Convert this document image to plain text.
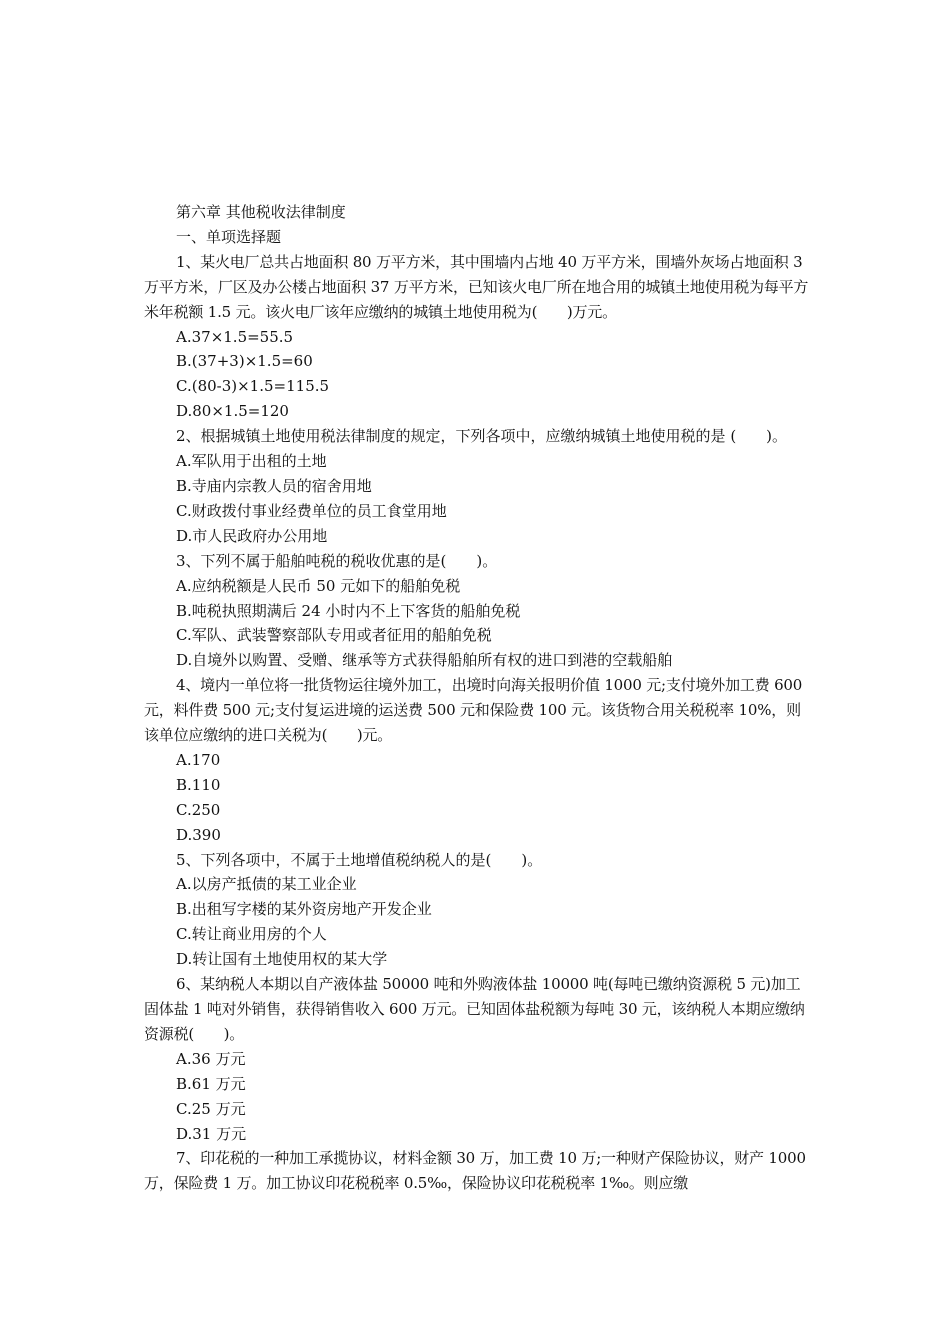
第六章 其他税收法律制度

一、单项选择题

1、某火电厂总共占地面积 80 万平方米，其中围墙内占地 40 万平方米，围墙外灰场占地面积 3 万平方米，厂区及办公楼占地面积 37 万平方米，已知该火电厂所在地合用的城镇土地使用税为每平方米年税额 1.5 元。该火电厂该年应缴纳的城镇土地使用税为(　　)万元。

A.37×1.5=55.5

B.(37+3)×1.5=60

C.(80-3)×1.5=115.5

D.80×1.5=120

2、根据城镇土地使用税法律制度的规定，下列各项中，应缴纳城镇土地使用税的是 (　　)。

A.军队用于出租的土地

B.寺庙内宗教人员的宿舍用地

C.财政拨付事业经费单位的员工食堂用地

D.市人民政府办公用地

3、下列不属于船舶吨税的税收优惠的是(　　)。

A.应纳税额是人民币 50 元如下的船舶免税

B.吨税执照期满后 24 小时内不上下客货的船舶免税

C.军队、武装警察部队专用或者征用的船舶免税

D.自境外以购置、受赠、继承等方式获得船舶所有权的进口到港的空载船舶

4、境内一单位将一批货物运往境外加工，出境时向海关报明价值 1000 元;支付境外加工费 600 元，料件费 500 元;支付复运进境的运送费 500 元和保险费 100 元。该货物合用关税税率 10%，则该单位应缴纳的进口关税为(　　)元。

A.170

B.110

C.250

D.390

5、下列各项中，不属于土地增值税纳税人的是(　　)。

A.以房产抵债的某工业企业

B.出租写字楼的某外资房地产开发企业

C.转让商业用房的个人

D.转让国有土地使用权的某大学

6、某纳税人本期以自产液体盐 50000 吨和外购液体盐 10000 吨(每吨已缴纳资源税 5 元)加工固体盐 1 吨对外销售，获得销售收入 600 万元。已知固体盐税额为每吨 30 元，该纳税人本期应缴纳资源税(　　)。

A.36 万元

B.61 万元

C.25 万元

D.31 万元

7、印花税的一种加工承揽协议，材料金额 30 万，加工费 10 万;一种财产保险协议，财产 1000 万，保险费 1 万。加工协议印花税税率 0.5‰，保险协议印花税税率 1‰。则应缴
